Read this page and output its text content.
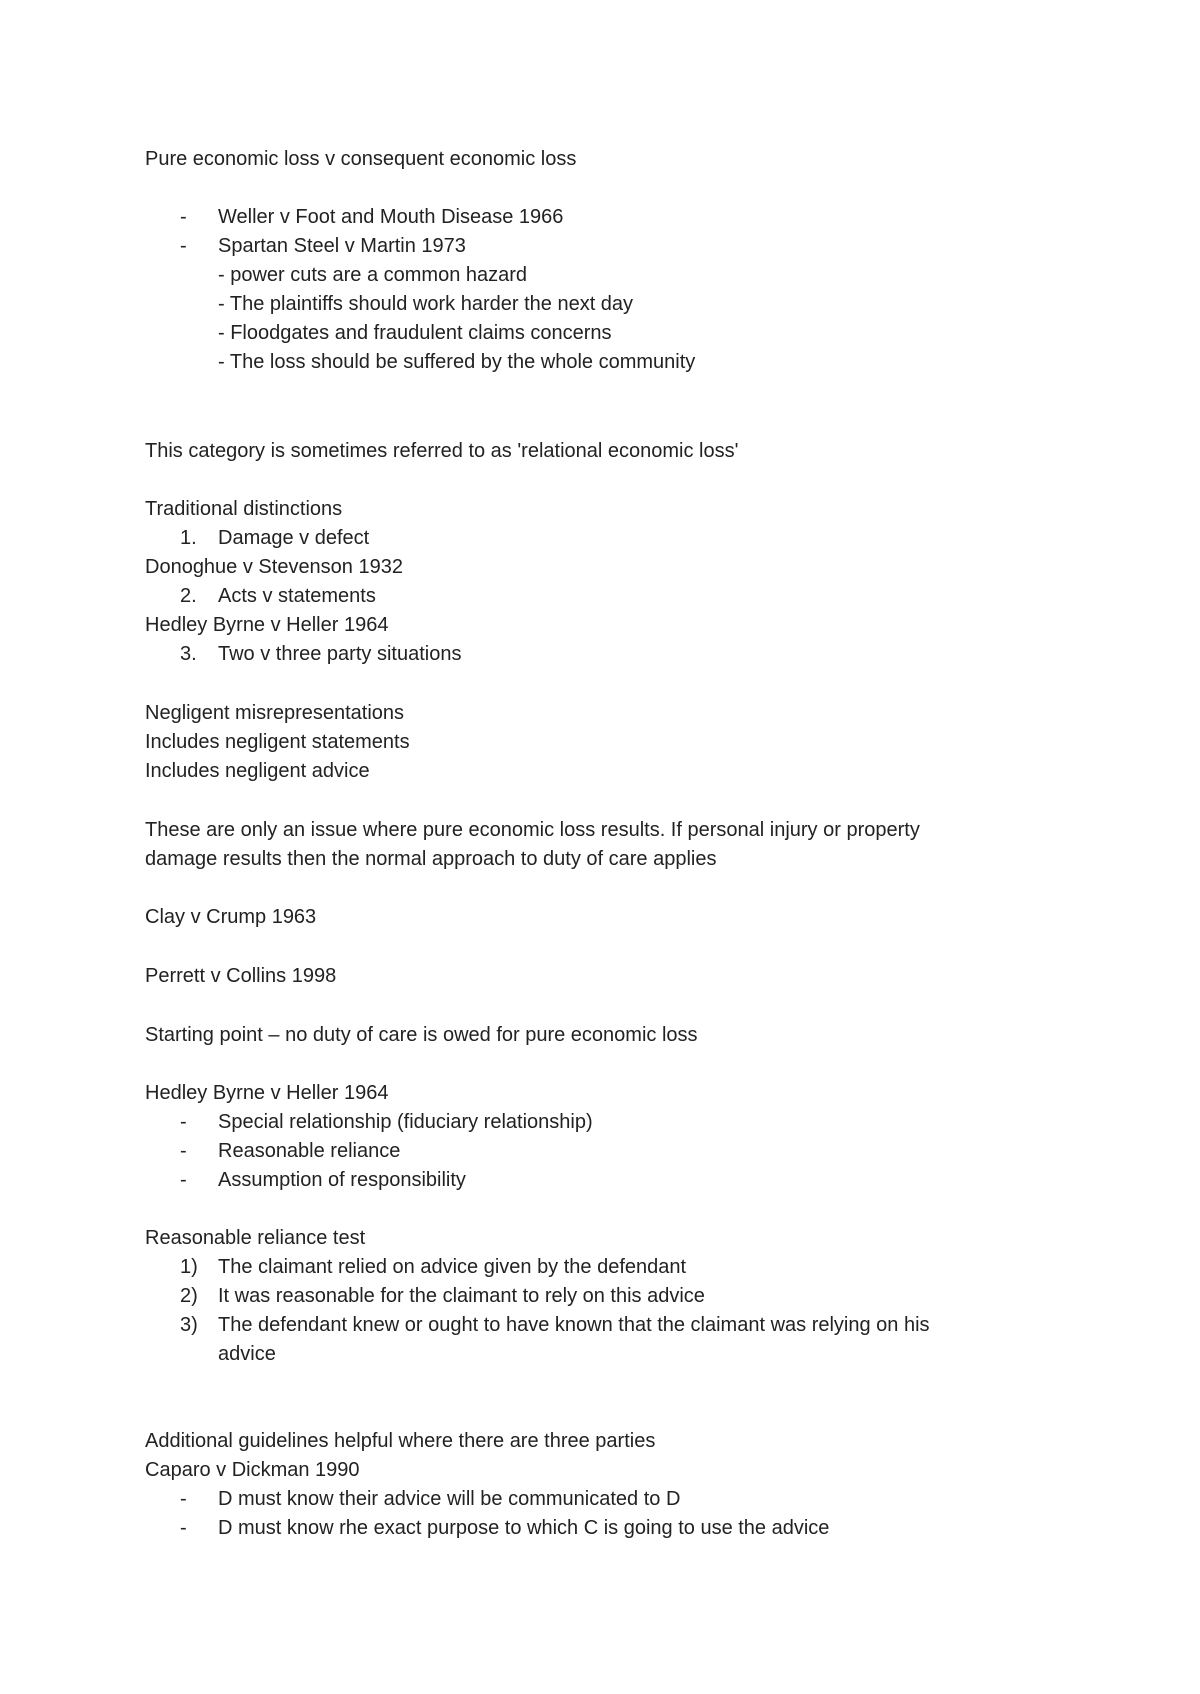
Pure economic loss v consequent economic loss

- Weller v Foot and Mouth Disease 1966
- Spartan Steel v Martin 1973
- power cuts are a common hazard
- The plaintiffs should work harder the next day
- Floodgates and fraudulent claims concerns
- The loss should be suffered by the whole community

This category is sometimes referred to as 'relational economic loss'

Traditional distinctions

1. Damage v defect

Donoghue v Stevenson 1932

2. Acts v statements

Hedley Byrne v Heller 1964

3. Two v three party situations

Negligent misrepresentations

Includes negligent statements

Includes negligent advice

These are only an issue where pure economic loss results. If personal injury or property

damage results then the normal approach to duty of care applies

Clay v Crump 1963

Perrett v Collins 1998

Starting point – no duty of care is owed for pure economic loss

Hedley Byrne v Heller 1964

- Special relationship (fiduciary relationship)
- Reasonable reliance
- Assumption of responsibility

Reasonable reliance test

1) The claimant relied on advice given by the defendant
2) It was reasonable for the claimant to rely on this advice
3) The defendant knew or ought to have known that the claimant was relying on his
advice

Additional guidelines helpful where there are three parties

Caparo v Dickman 1990

- D must know their advice will be communicated to D
- D must know rhe exact purpose to which C is going to use the advice
